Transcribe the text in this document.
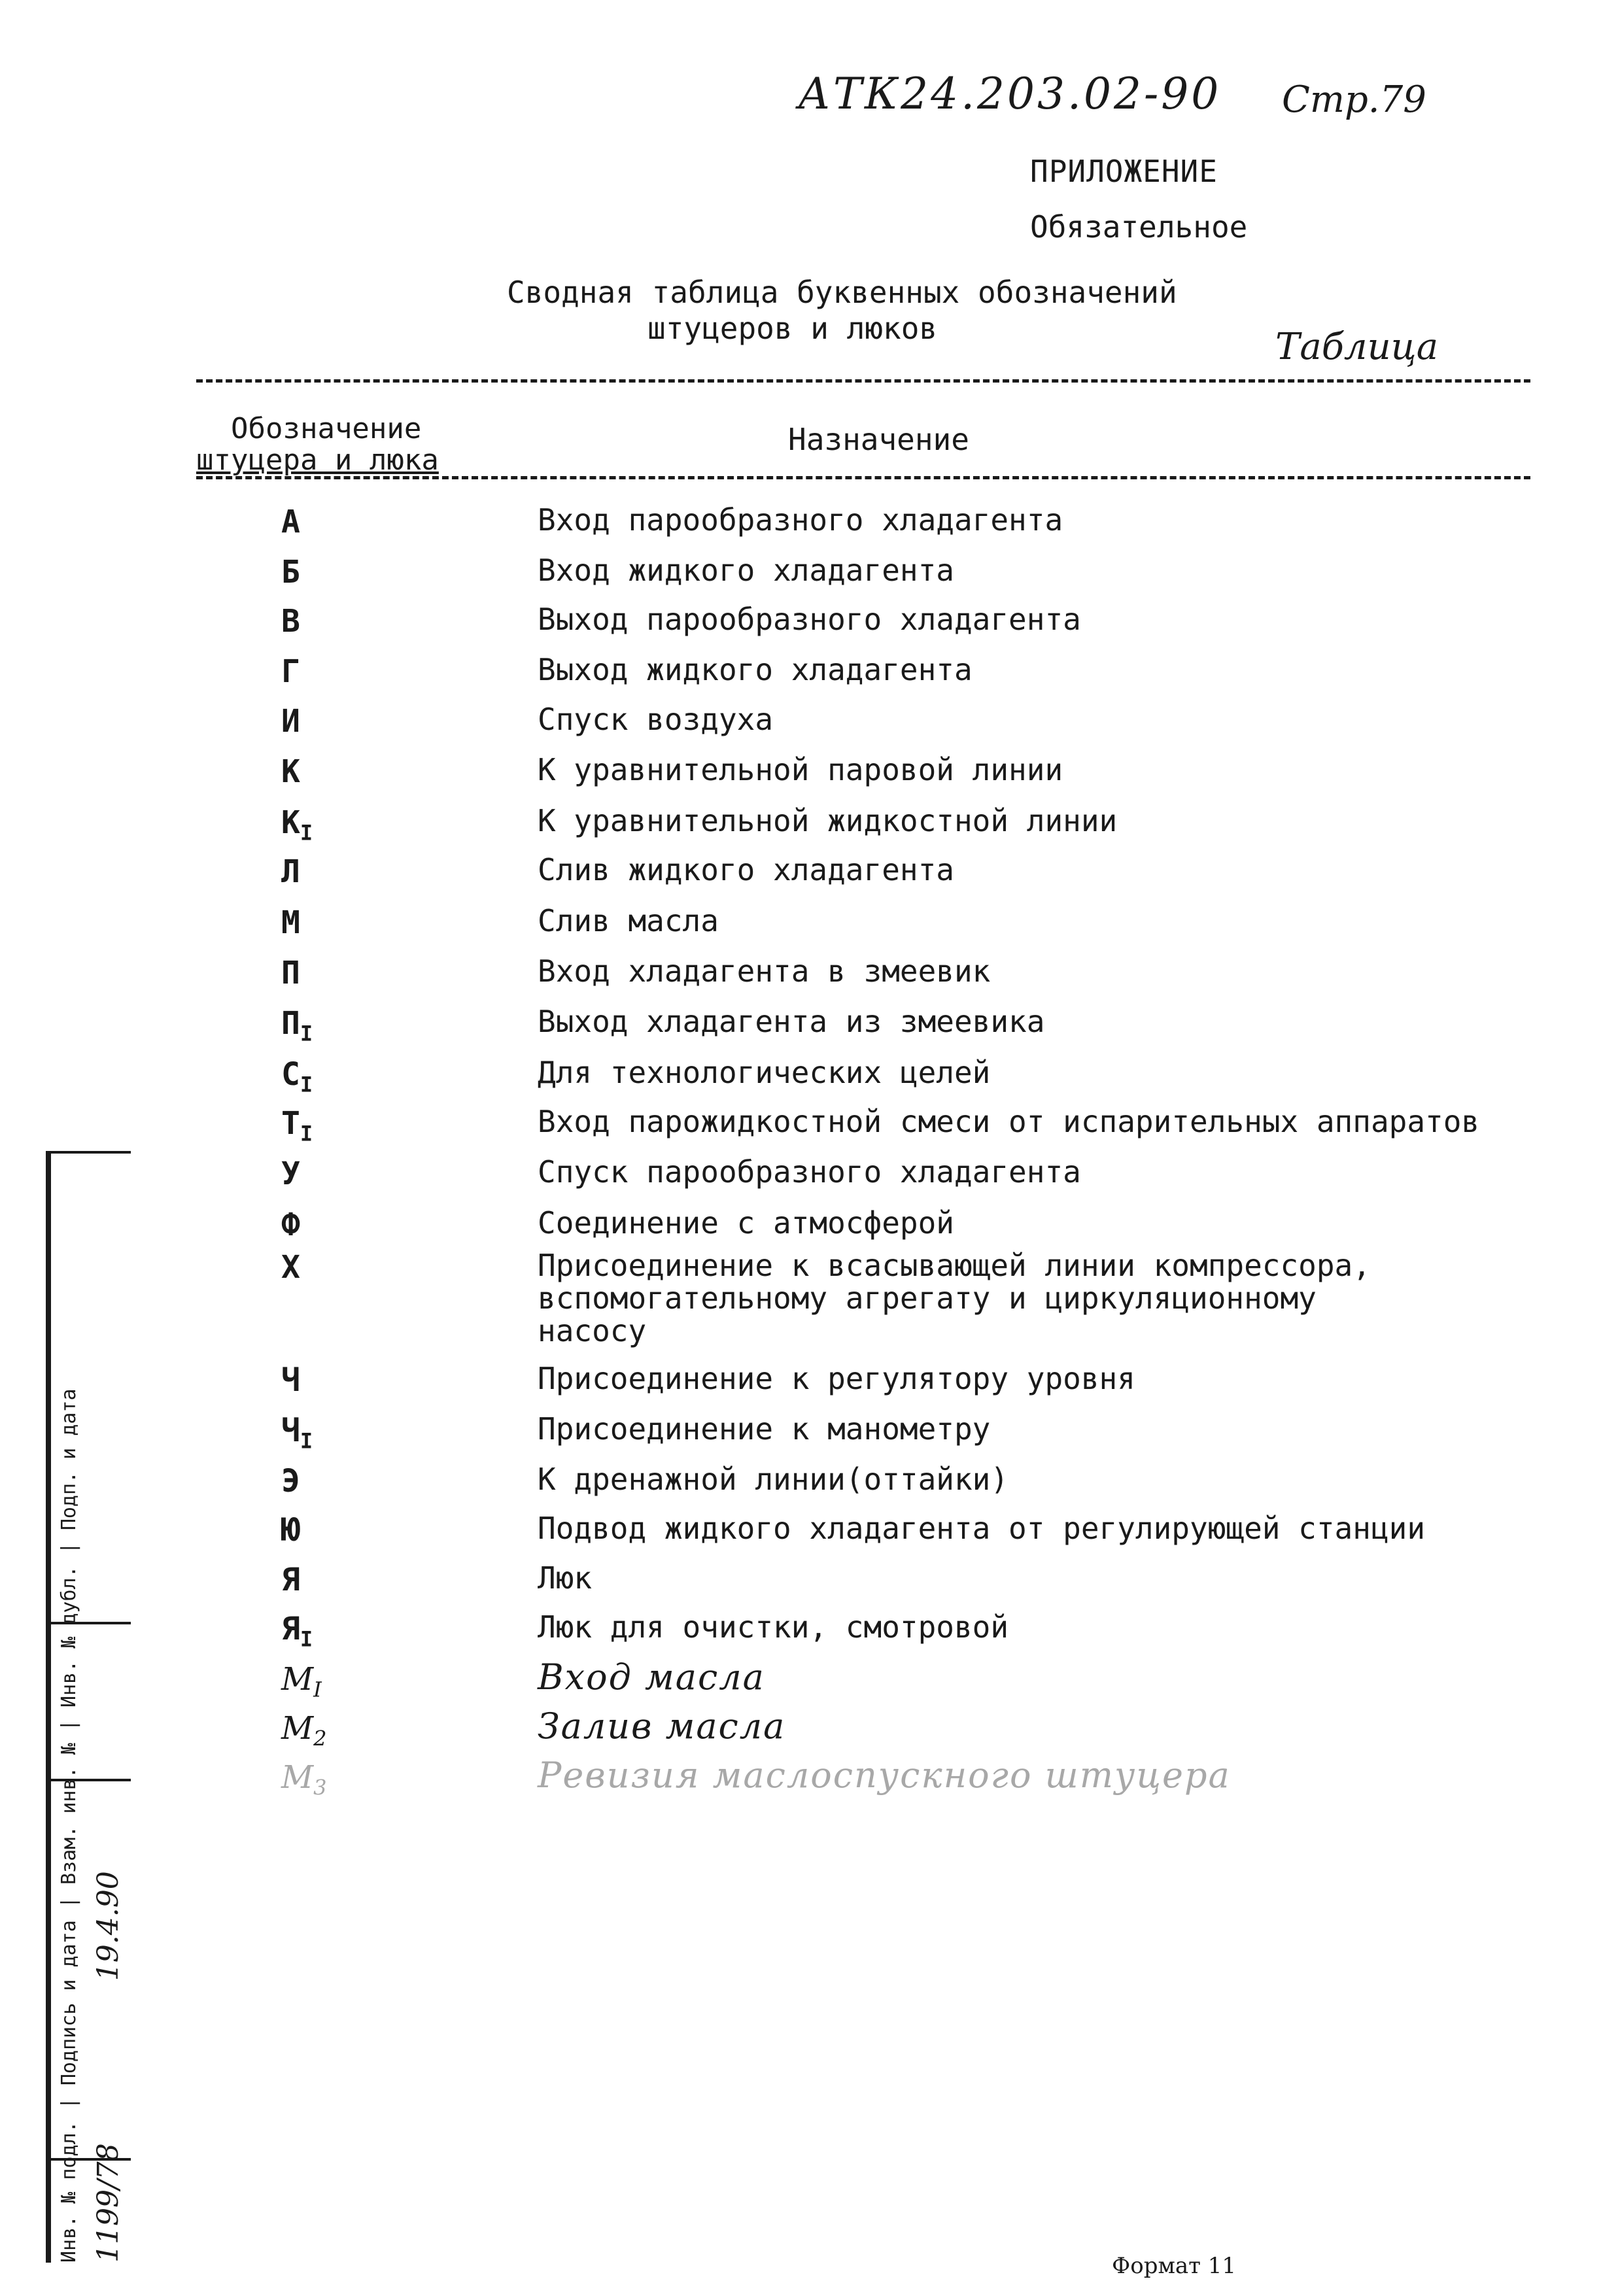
АТК24.203.02-90 Стр.79
ПРИЛОЖЕНИЕ
Обязательное
Сводная таблица буквенных обозначений
штуцеров и люков	Таблица
Обозначение
штуцера и люка
Назначение
А	Вход парообразного хладагента
Б	Вход жидкого хладагента
В	Выход парообразного хладагента
Г	Выход жидкого хладагента
И	Спуск воздуха
К	К уравнительной паровой линии
$К_I$	К уравнительной жидкостной линии
Л	Слив жидкого хладагента
М	Слив масла
П	Вход хладагента в змеевик
$П_I$	Выход хладагента из змеевика
$С_I$	Для технологических целей
$Т_I$	Вход парожидкостной смеси от испарительных аппаратов
У	Спуск парообразного хладагента
Ф	Соединение с атмосферой
Х	Присоединение к всасывающей линии компрессора,
вспомогательному агрегату и циркуляционному
насосу
Ч	Присоединение к регулятору уровня
$Ч_I$	Присоединение к манометру
Э	К дренажной линии(оттайки)
Ю	Подвод жидкого хладагента от регулирующей станции
Я	Люк
$Я_I$	Люк для очистки, смотровой
$М_I$	Вход масла
$М_2$	Залив масла
$М_3$	Ревизия маслоспускного штуцера
Инв. № подл. | Подпись и дата | Взам. инв. № | Инв. № дубл. | Подп. и дата 1199/78  19.4.90
Формат 11
